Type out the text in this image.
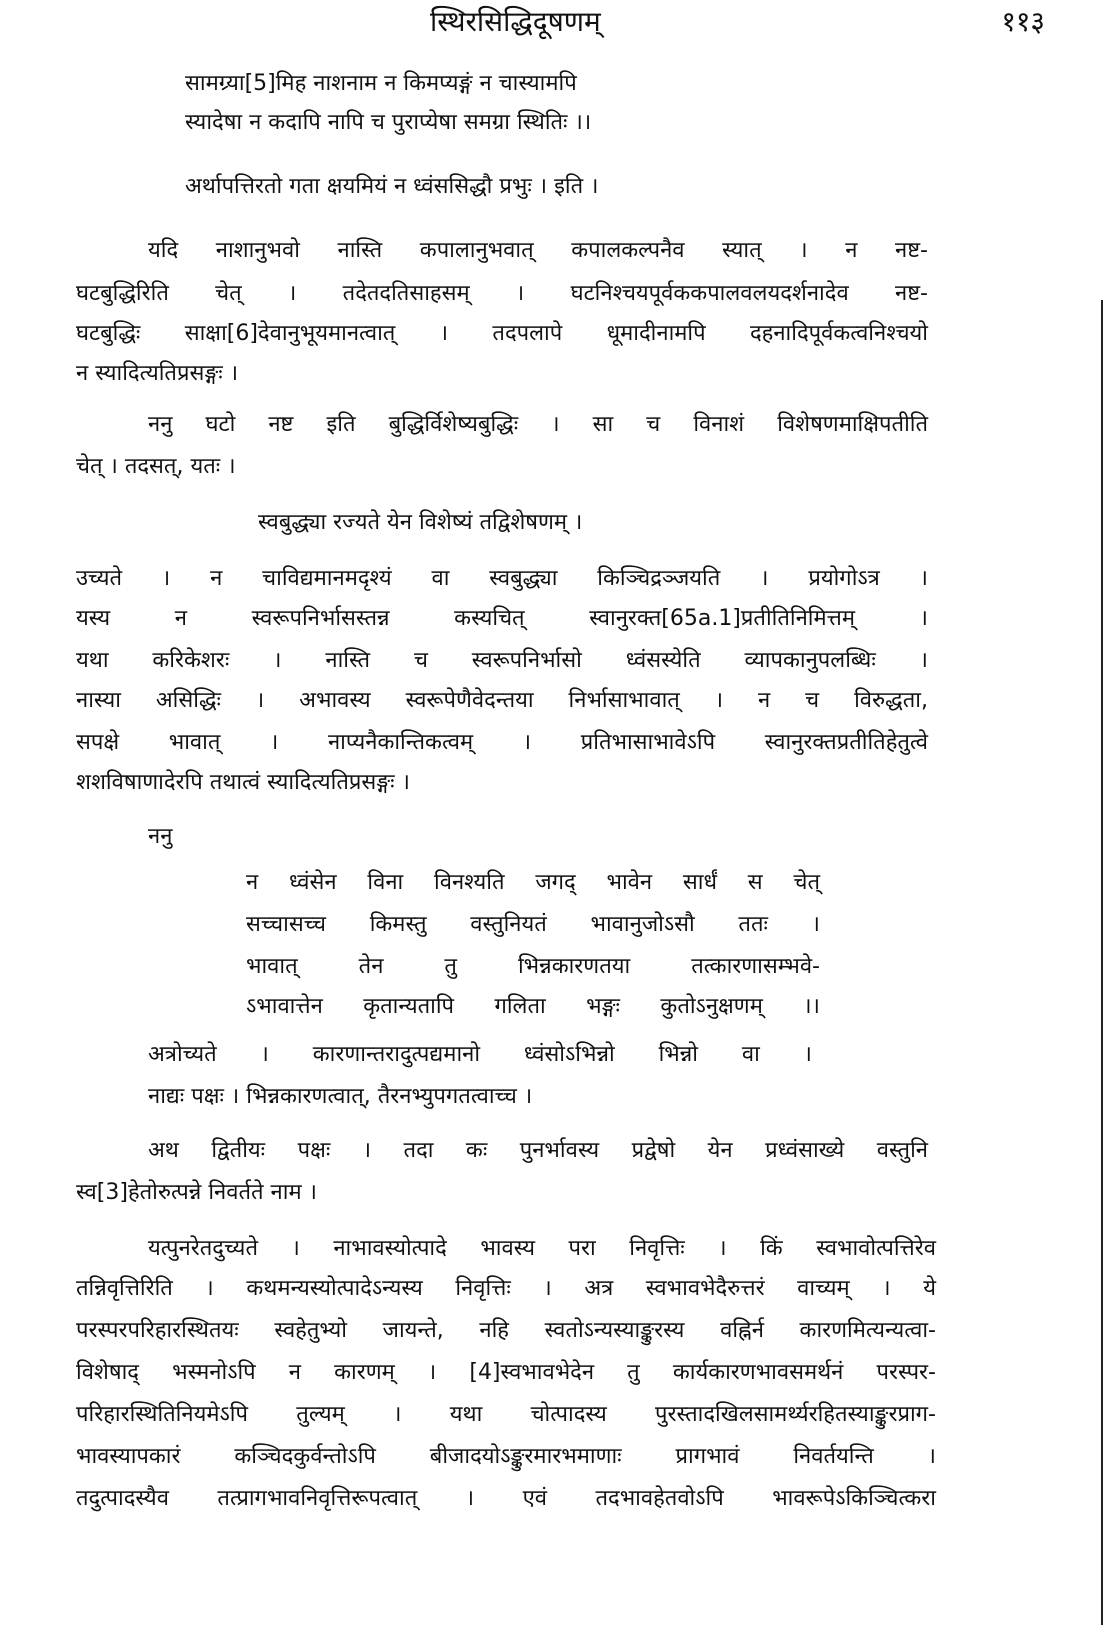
स्थिरसिद्धिदूषणम्	११३
सामग्र्या[5]मिह नाशनाम न किमप्यङ्गं न चास्यामपि
स्यादेषा न कदापि नापि च पुराप्येषा समग्रा स्थितिः ।।
अर्थापत्तिरतो गता क्षयमियं न ध्वंससिद्धौ प्रभुः । इति ।
यदि नाशानुभवो नास्ति कपालानुभवात् कपालकल्पनैव स्यात् । न नष्ट-
घटबुद्धिरिति चेत् । तदेतदतिसाहसम् । घटनिश्चयपूर्वककपालवलयदर्शनादेव नष्ट-
घटबुद्धिः साक्षा[6]देवानुभूयमानत्वात् । तदपलापे धूमादीनामपि दहनादिपूर्वकत्वनिश्चयो
न स्यादित्यतिप्रसङ्गः ।
ननु घटो नष्ट इति बुद्धिर्विशेष्यबुद्धिः । सा च विनाशं विशेषणमाक्षिपतीति
चेत् । तदसत्, यतः ।
स्वबुद्ध्या रज्यते येन विशेष्यं तद्विशेषणम् ।
उच्यते । न चाविद्यमानमदृश्यं वा स्वबुद्ध्या किञ्चिद्रञ्जयति । प्रयोगोऽत्र ।
यस्य न स्वरूपनिर्भासस्तन्न कस्यचित् स्वानुरक्त[65a.1]प्रतीतिनिमित्तम् ।
यथा करिकेशरः । नास्ति च स्वरूपनिर्भासो ध्वंसस्येति व्यापकानुपलब्धिः ।
नास्या असिद्धिः । अभावस्य स्वरूपेणैवेदन्तया निर्भासाभावात् । न च विरुद्धता,
सपक्षे भावात् । नाप्यनैकान्तिकत्वम् । प्रतिभासाभावेऽपि स्वानुरक्तप्रतीतिहेतुत्वे
शशविषाणादेरपि तथात्वं स्यादित्यतिप्रसङ्गः ।
ननु
न ध्वंसेन विना विनश्यति जगद् भावेन सार्धं स चेत्
सच्चासच्च किमस्तु वस्तुनियतं भावानुजोऽसौ ततः ।
भावात् तेन तु भिन्नकारणतया तत्कारणासम्भवे-
ऽभावात्तेन कृतान्यतापि गलिता भङ्गः कुतोऽनुक्षणम् ।।
अत्रोच्यते । कारणान्तरादुत्पद्यमानो ध्वंसोऽभिन्नो भिन्नो वा ।
नाद्यः पक्षः । भिन्नकारणत्वात्, तैरनभ्युपगतत्वाच्च ।
अथ द्वितीयः पक्षः । तदा कः पुनर्भावस्य प्रद्वेषो येन प्रध्वंसाख्ये वस्तुनि
स्व[3]हेतोरुत्पन्ने निवर्तते नाम ।
यत्पुनरेतदुच्यते । नाभावस्योत्पादे भावस्य परा निवृत्तिः । किं स्वभावोत्पत्तिरेव
तन्निवृत्तिरिति । कथमन्यस्योत्पादेऽन्यस्य निवृत्तिः । अत्र स्वभावभेदैरुत्तरं वाच्यम् । ये
परस्परपरिहारस्थितयः स्वहेतुभ्यो जायन्ते, नहि स्वतोऽन्यस्याङ्कुरस्य वह्निर्न कारणमित्यन्यत्वा-
विशेषाद् भस्मनोऽपि न कारणम् । [4]स्वभावभेदेन तु कार्यकारणभावसमर्थनं परस्पर-
परिहारस्थितिनियमेऽपि तुल्यम् । यथा चोत्पादस्य पुरस्तादखिलसामर्थ्यरहितस्याङ्कुरप्राग-
भावस्यापकारं कञ्चिदकुर्वन्तोऽपि बीजादयोऽङ्कुरमारभमाणाः प्रागभावं निवर्तयन्ति ।
तदुत्पादस्यैव तत्प्रागभावनिवृत्तिरूपत्वात् । एवं तदभावहेतवोऽपि भावरूपेऽकिञ्चित्करा
